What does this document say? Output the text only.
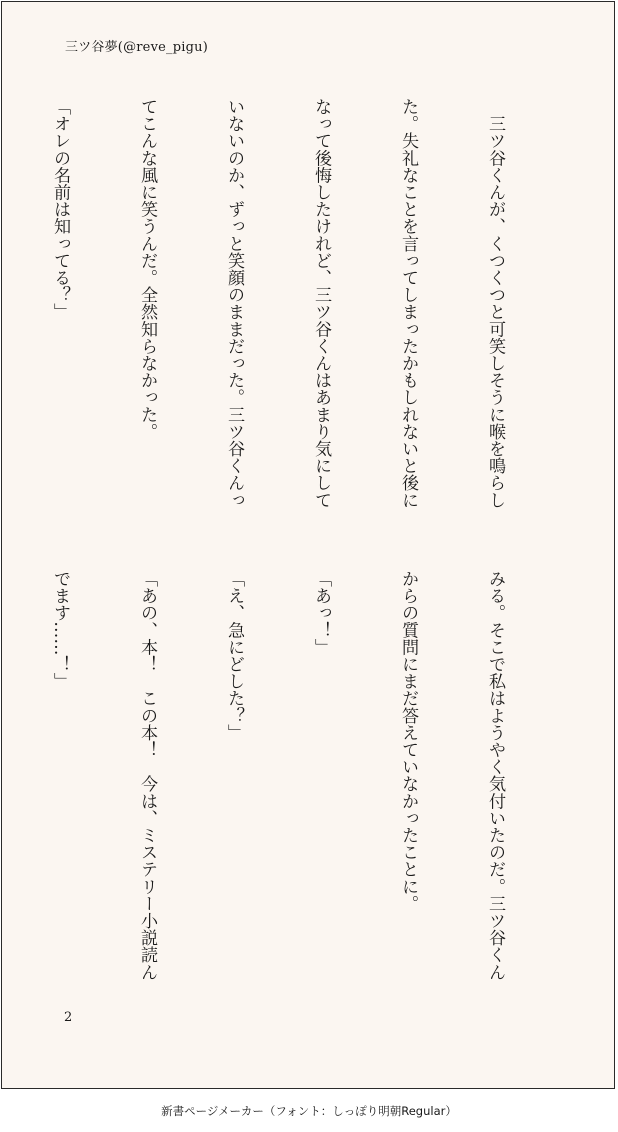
三ツ谷夢(@reve_pigu)

　三ツ谷くんが、くつくつと可笑しそうに喉を鳴らし

た。失礼なことを言ってしまったかもしれないと後に

なって後悔したけれど、三ツ谷くんはあまり気にして

いないのか、ずっと笑顔のままだった。三ツ谷くんっ

てこんな風に笑うんだ。全然知らなかった。

「オレの名前は知ってる？」

みる。そこで私はようやく気付いたのだ。三ツ谷くん

からの質問にまだ答えていなかったことに。

「あっ！」

「え、急にどした？」

「あの、本！　この本！　今は、ミステリー小説読ん

でます……！」

2
新書ページメーカー（フォント：しっぽり明朝Regular）
